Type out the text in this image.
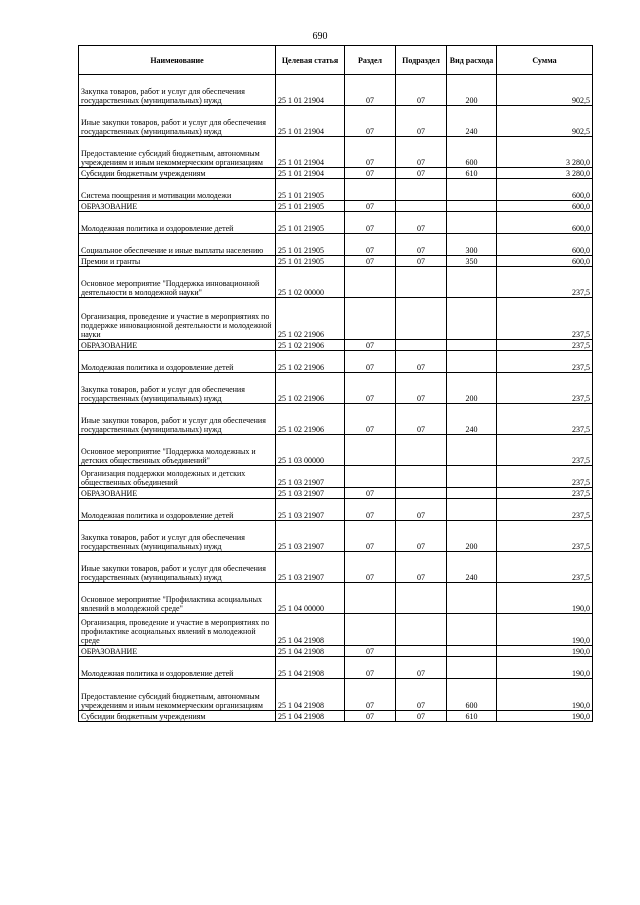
690
Наименование	Целевая статья	Раздел	Подраздел	Вид расхода	Сумма
Закупка товаров, работ и услуг для обеспечения государственных (муниципальных) нужд	25 1 01 21904	07	07	200	902,5
Иные закупки товаров, работ и услуг для обеспечения государственных (муниципальных) нужд	25 1 01 21904	07	07	240	902,5
Предоставление субсидий бюджетным, автономным учреждениям и иным некоммерческим организациям	25 1 01 21904	07	07	600	3 280,0
Субсидии бюджетным учреждениям	25 1 01 21904	07	07	610	3 280,0
Система поощрения и мотивации молодежи	25 1 01 21905				600,0
ОБРАЗОВАНИЕ	25 1 01 21905	07			600,0
Молодежная политика и оздоровление детей	25 1 01 21905	07	07		600,0
Социальное обеспечение и иные выплаты населению	25 1 01 21905	07	07	300	600,0
Премии и гранты	25 1 01 21905	07	07	350	600,0
Основное мероприятие "Поддержка инновационной деятельности в молодежной науки"	25 1 02 00000				237,5
Организация, проведение и участие в мероприятиях по поддержке инновационной деятельности и молодежной науки	25 1 02 21906				237,5
ОБРАЗОВАНИЕ	25 1 02 21906	07			237,5
Молодежная политика и оздоровление детей	25 1 02 21906	07	07		237,5
Закупка товаров, работ и услуг для обеспечения государственных (муниципальных) нужд	25 1 02 21906	07	07	200	237,5
Иные закупки товаров, работ и услуг для обеспечения государственных (муниципальных) нужд	25 1 02 21906	07	07	240	237,5
Основное мероприятие "Поддержка молодежных и детских общественных объединений"	25 1 03 00000				237,5
Организация поддержки молодежных и детских общественных объединений	25 1 03 21907				237,5
ОБРАЗОВАНИЕ	25 1 03 21907	07			237,5
Молодежная политика и оздоровление детей	25 1 03 21907	07	07		237,5
Закупка товаров, работ и услуг для обеспечения государственных (муниципальных) нужд	25 1 03 21907	07	07	200	237,5
Иные закупки товаров, работ и услуг для обеспечения государственных (муниципальных) нужд	25 1 03 21907	07	07	240	237,5
Основное мероприятие "Профилактика асоциальных явлений в молодежной среде"	25 1 04 00000				190,0
Организация, проведение и участие в мероприятиях по профилактике асоциальных явлений в молодежной среде	25 1 04 21908				190,0
ОБРАЗОВАНИЕ	25 1 04 21908	07			190,0
Молодежная политика и оздоровление детей	25 1 04 21908	07	07		190,0
Предоставление субсидий бюджетным, автономным учреждениям и иным некоммерческим организациям	25 1 04 21908	07	07	600	190,0
Субсидии бюджетным учреждениям	25 1 04 21908	07	07	610	190,0
